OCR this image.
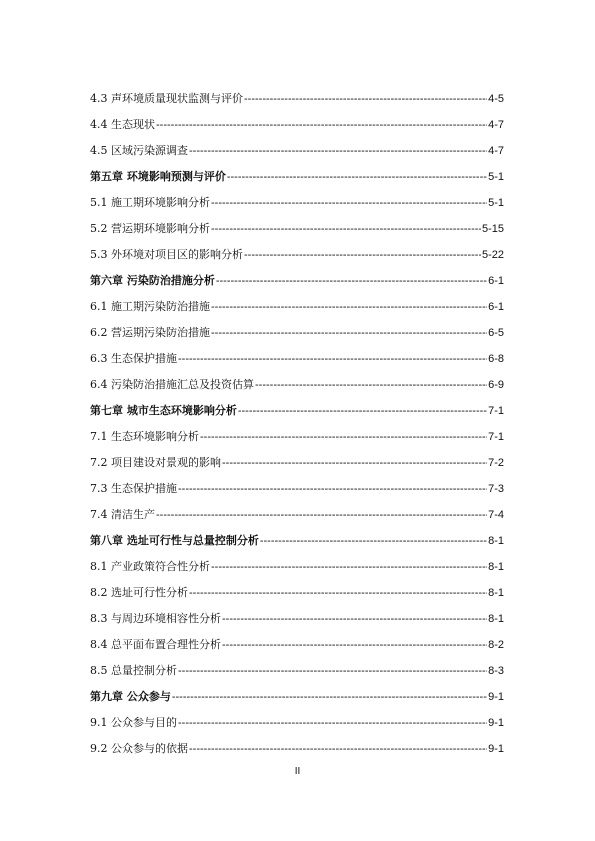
4.3 声环境质量现状监测与评价 -----	4-5
4.4 生态现状 -----	4-7
4.5 区域污染源调查 -----	4-7
第五章 环境影响预测与评价 -----	5-1
5.1 施工期环境影响分析 -----	5-1
5.2 营运期环境影响分析 -----	5-15
5.3 外环境对项目区的影响分析 -----	5-22
第六章 污染防治措施分析 -----	6-1
6.1 施工期污染防治措施 -----	6-1
6.2 营运期污染防治措施 -----	6-5
6.3 生态保护措施 -----	6-8
6.4 污染防治措施汇总及投资估算 -----	6-9
第七章 城市生态环境影响分析 -----	7-1
7.1 生态环境影响分析 -----	7-1
7.2 项目建设对景观的影响 -----	7-2
7.3 生态保护措施 -----	7-3
7.4 清洁生产 -----	7-4
第八章 选址可行性与总量控制分析 -----	8-1
8.1 产业政策符合性分析 -----	8-1
8.2 选址可行性分析 -----	8-1
8.3 与周边环境相容性分析 -----	8-1
8.4 总平面布置合理性分析 -----	8-2
8.5 总量控制分析 -----	8-3
第九章 公众参与 -----	9-1
9.1 公众参与目的 -----	9-1
9.2 公众参与的依据 -----	9-1
II
